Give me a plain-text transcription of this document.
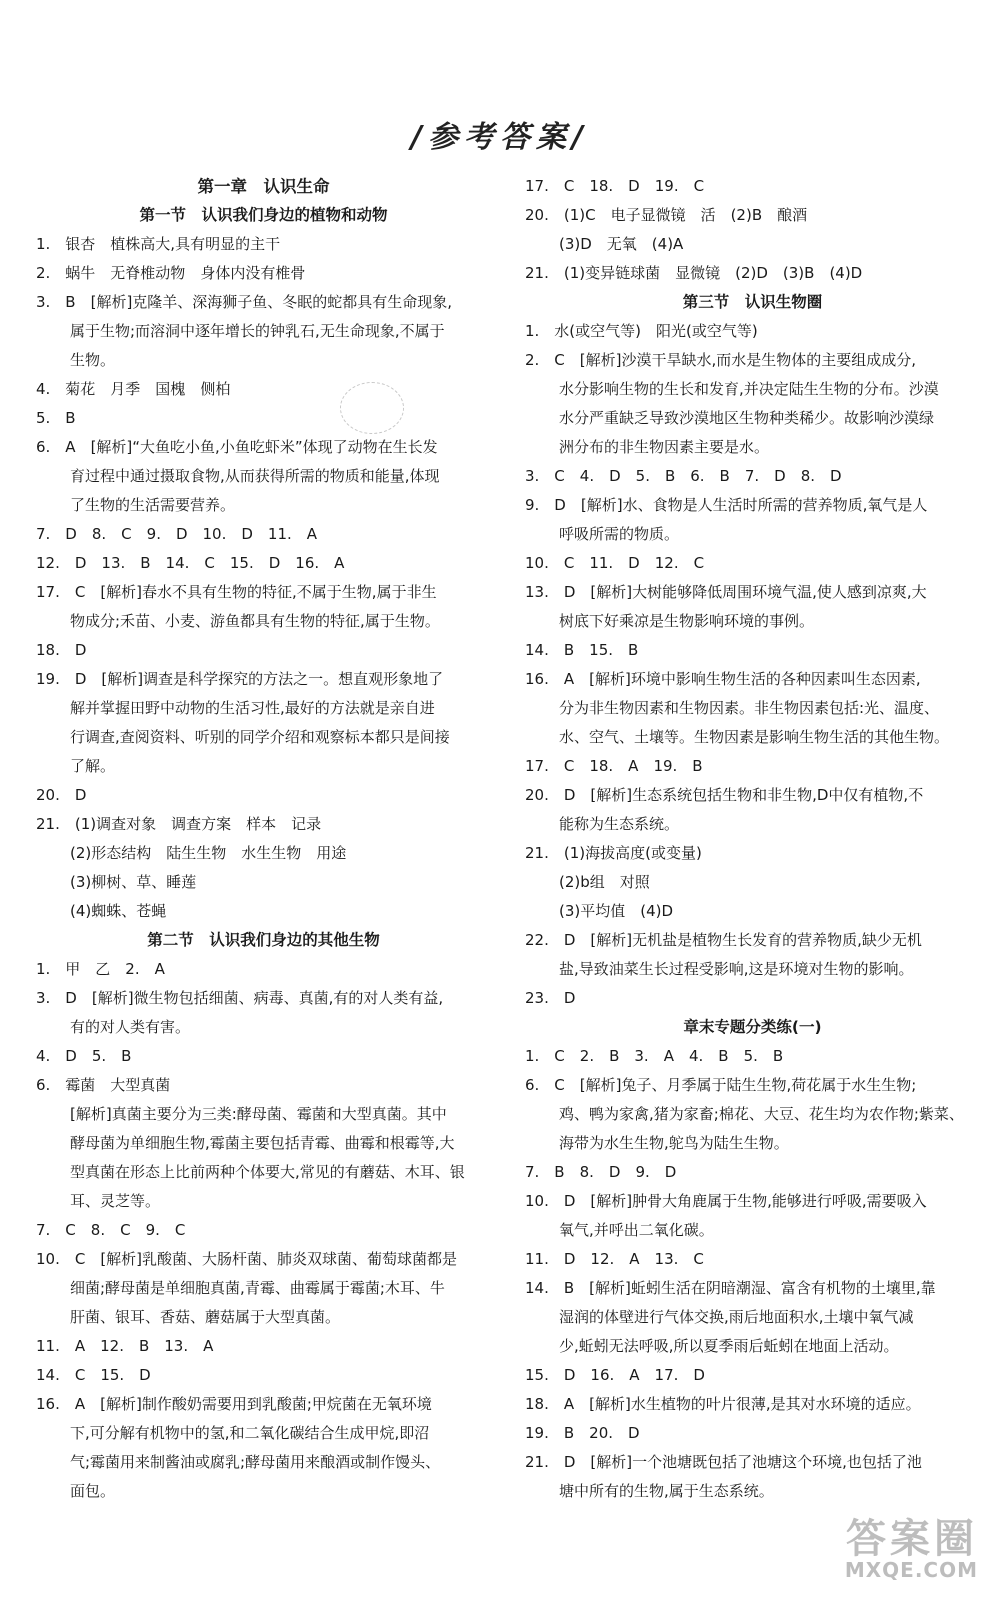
/参考答案/
第一章　认识生命
第一节　认识我们身边的植物和动物
1.　银杏　植株高大,具有明显的主干
2.　蜗牛　无脊椎动物　身体内没有椎骨
3.　B　[解析]克隆羊、深海狮子鱼、冬眠的蛇都具有生命现象,
属于生物;而溶洞中逐年增长的钟乳石,无生命现象,不属于
生物。
4.　菊花　月季　国槐　侧柏
5.　B
6.　A　[解析]“大鱼吃小鱼,小鱼吃虾米”体现了动物在生长发
育过程中通过摄取食物,从而获得所需的物质和能量,体现
了生物的生活需要营养。
7.　D　8.　C　9.　D　10.　D　11.　A
12.　D　13.　B　14.　C　15.　D　16.　A
17.　C　[解析]春水不具有生物的特征,不属于生物,属于非生
物成分;禾苗、小麦、游鱼都具有生物的特征,属于生物。
18.　D
19.　D　[解析]调查是科学探究的方法之一。想直观形象地了
解并掌握田野中动物的生活习性,最好的方法就是亲自进
行调查,查阅资料、听别的同学介绍和观察标本都只是间接
了解。
20.　D
21.　(1)调查对象　调查方案　样本　记录
(2)形态结构　陆生生物　水生生物　用途
(3)柳树、草、睡莲
(4)蜘蛛、苍蝇
第二节　认识我们身边的其他生物
1.　甲　乙　2.　A
3.　D　[解析]微生物包括细菌、病毒、真菌,有的对人类有益,
有的对人类有害。
4.　D　5.　B
6.　霉菌　大型真菌
[解析]真菌主要分为三类:酵母菌、霉菌和大型真菌。其中
酵母菌为单细胞生物,霉菌主要包括青霉、曲霉和根霉等,大
型真菌在形态上比前两种个体要大,常见的有蘑菇、木耳、银
耳、灵芝等。
7.　C　8.　C　9.　C
10.　C　[解析]乳酸菌、大肠杆菌、肺炎双球菌、葡萄球菌都是
细菌;酵母菌是单细胞真菌,青霉、曲霉属于霉菌;木耳、牛
肝菌、银耳、香菇、蘑菇属于大型真菌。
11.　A　12.　B　13.　A
14.　C　15.　D
16.　A　[解析]制作酸奶需要用到乳酸菌;甲烷菌在无氧环境
下,可分解有机物中的氢,和二氧化碳结合生成甲烷,即沼
气;霉菌用来制酱油或腐乳;酵母菌用来酿酒或制作馒头、
面包。
17.　C　18.　D　19.　C
20.　(1)C　电子显微镜　活　(2)B　酿酒
(3)D　无氧　(4)A
21.　(1)变异链球菌　显微镜　(2)D　(3)B　(4)D
第三节　认识生物圈
1.　水(或空气等)　阳光(或空气等)
2.　C　[解析]沙漠干旱缺水,而水是生物体的主要组成成分,
水分影响生物的生长和发育,并决定陆生生物的分布。沙漠
水分严重缺乏导致沙漠地区生物种类稀少。故影响沙漠绿
洲分布的非生物因素主要是水。
3.　C　4.　D　5.　B　6.　B　7.　D　8.　D
9.　D　[解析]水、食物是人生活时所需的营养物质,氧气是人
呼吸所需的物质。
10.　C　11.　D　12.　C
13.　D　[解析]大树能够降低周围环境气温,使人感到凉爽,大
树底下好乘凉是生物影响环境的事例。
14.　B　15.　B
16.　A　[解析]环境中影响生物生活的各种因素叫生态因素,
分为非生物因素和生物因素。非生物因素包括:光、温度、
水、空气、土壤等。生物因素是影响生物生活的其他生物。
17.　C　18.　A　19.　B
20.　D　[解析]生态系统包括生物和非生物,D中仅有植物,不
能称为生态系统。
21.　(1)海拔高度(或变量)
(2)b组　对照
(3)平均值　(4)D
22.　D　[解析]无机盐是植物生长发育的营养物质,缺少无机
盐,导致油菜生长过程受影响,这是环境对生物的影响。
23.　D
章末专题分类练(一)
1.　C　2.　B　3.　A　4.　B　5.　B
6.　C　[解析]兔子、月季属于陆生生物,荷花属于水生生物;
鸡、鸭为家禽,猪为家畜;棉花、大豆、花生均为农作物;紫菜、
海带为水生生物,鸵鸟为陆生生物。
7.　B　8.　D　9.　D
10.　D　[解析]肿骨大角鹿属于生物,能够进行呼吸,需要吸入
氧气,并呼出二氧化碳。
11.　D　12.　A　13.　C
14.　B　[解析]蚯蚓生活在阴暗潮湿、富含有机物的土壤里,靠
湿润的体壁进行气体交换,雨后地面积水,土壤中氧气减
少,蚯蚓无法呼吸,所以夏季雨后蚯蚓在地面上活动。
15.　D　16.　A　17.　D
18.　A　[解析]水生植物的叶片很薄,是其对水环境的适应。
19.　B　20.　D
21.　D　[解析]一个池塘既包括了池塘这个环境,也包括了池
塘中所有的生物,属于生态系统。
答案圈
MXQE.COM
